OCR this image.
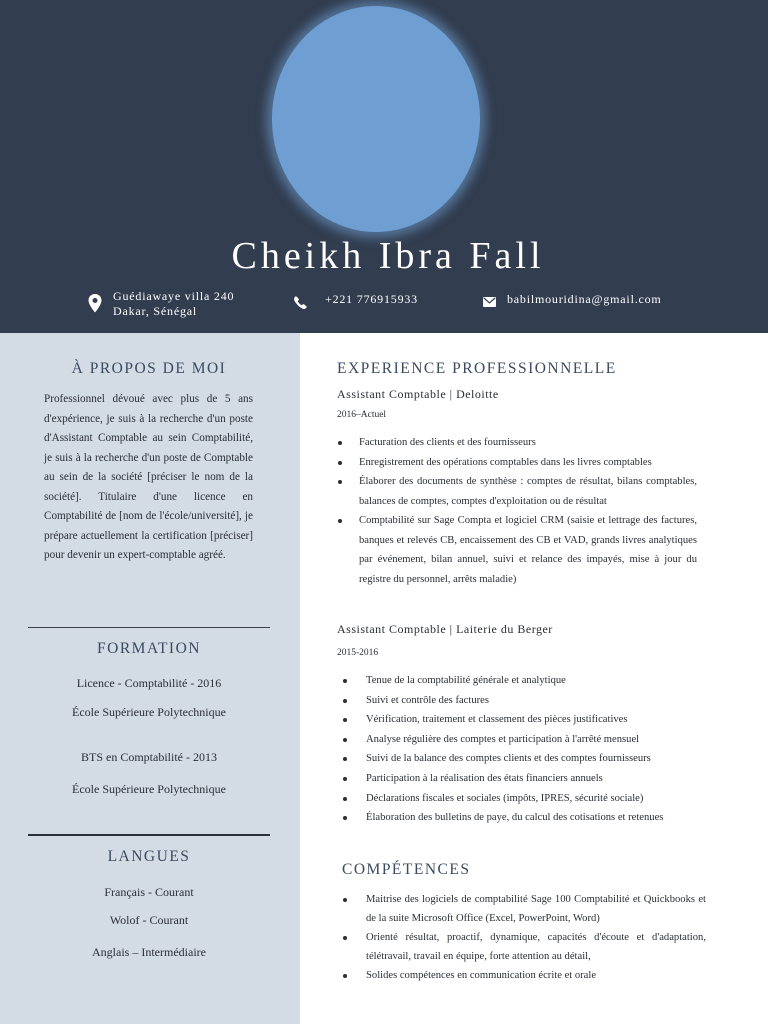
Cheikh Ibra Fall
Guédiawaye villa 240
Dakar, Sénégal
+221 776915933	babilmouridina@gmail.com
À PROPOS DE MOI

Professionnel dévoué avec plus de 5 ans d'expérience, je suis à la recherche d'un poste d'Assistant Comptable au sein Comptabilité, je suis à la recherche d'un poste de Comptable au sein de la société [préciser le nom de la société]. Titulaire d'une licence en Comptabilité de [nom de l'école/université], je prépare actuellement la certification [préciser] pour devenir un expert-comptable agréé.

FORMATION
Licence - Comptabilité - 2016
École Supérieure Polytechnique
BTS en Comptabilité - 2013
École Supérieure Polytechnique
LANGUES
Français - Courant
Wolof - Courant
Anglais – Intermédiaire
EXPERIENCE PROFESSIONNELLE
Assistant Comptable | Deloitte
2016–Actuel
Facturation des clients et des fournisseurs
Enregistrement des opérations comptables dans les livres comptables
Élaborer des documents de synthèse : comptes de résultat, bilans comptables, balances de comptes, comptes d'exploitation ou de résultat
Comptabilité sur Sage Compta et logiciel CRM (saisie et lettrage des factures, banques et relevés CB, encaissement des CB et VAD, grands livres analytiques par événement, bilan annuel, suivi et relance des impayés, mise à jour du registre du personnel, arrêts maladie)
Assistant Comptable | Laiterie du Berger
2015-2016
Tenue de la comptabilité générale et analytique
Suivi et contrôle des factures
Vérification, traitement et classement des pièces justificatives
Analyse régulière des comptes et participation à l'arrêté mensuel
Suivi de la balance des comptes clients et des comptes fournisseurs
Participation à la réalisation des états financiers annuels
Déclarations fiscales et sociales (impôts, IPRES, sécurité sociale)
Élaboration des bulletins de paye, du calcul des cotisations et retenues
COMPÉTENCES
Maitrise des logiciels de comptabilité Sage 100 Comptabilité et Quickbooks et de la suite Microsoft Office (Excel, PowerPoint, Word)
Orienté résultat, proactif, dynamique, capacités d'écoute et d'adaptation, télétravail, travail en équipe, forte attention au détail,
Solides compétences en communication écrite et orale
